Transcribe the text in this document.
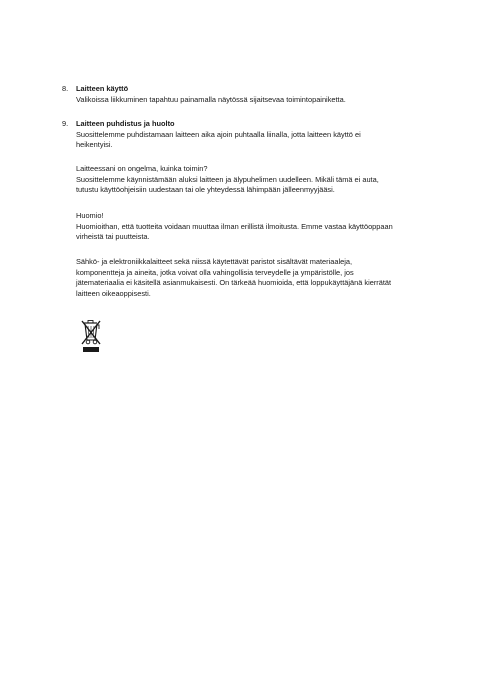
8. Laitteen käyttö
Valikoissa liikkuminen tapahtuu painamalla näytössä sijaitsevaa toimintopainiketta.
9. Laitteen puhdistus ja huolto
Suosittelemme puhdistamaan laitteen aika ajoin puhtaalla liinalla, jotta laitteen käyttö ei
heikentyisi.
Laitteessani on ongelma, kuinka toimin?
Suosittelemme käynnistämään aluksi laitteen ja älypuhelimen uudelleen. Mikäli tämä ei auta,
tutustu käyttöohjeisiin uudestaan tai ole yhteydessä lähimpään jälleenmyyjääsi.
Huomio!
Huomioithan, että tuotteita voidaan muuttaa ilman erillistä ilmoitusta. Emme vastaa käyttöoppaan
virheistä tai puutteista.
Sähkö- ja elektroniikkalaitteet sekä niissä käytettävät paristot sisältävät materiaaleja,
komponentteja ja aineita, jotka voivat olla vahingollisia terveydelle ja ympäristölle, jos
jätemateriaalia ei käsitellä asianmukaisesti. On tärkeää huomioida, että loppukäyttäjänä kierrätät
laitteen oikeaoppisesti.
